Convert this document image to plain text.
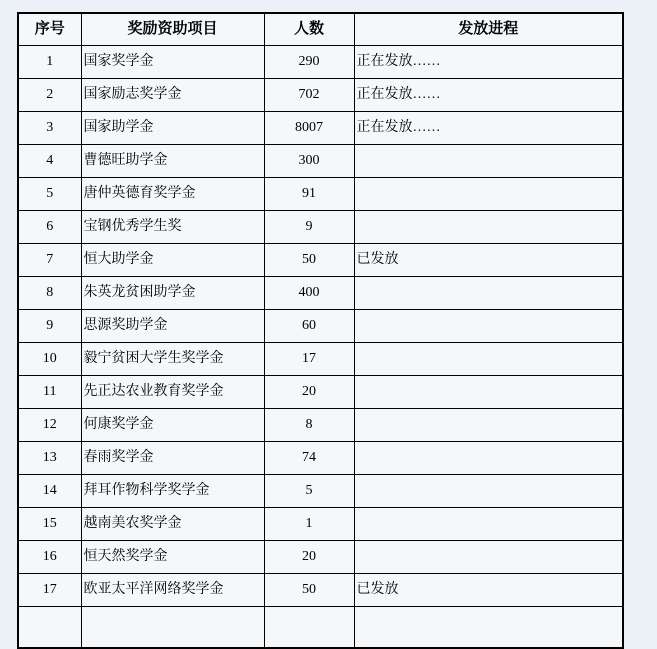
序号	奖励资助项目	人数	发放进程
1	国家奖学金	290	正在发放……
2	国家励志奖学金	702	正在发放……
3	国家助学金	8007	正在发放……
4	曹德旺助学金	300	
5	唐仲英德育奖学金	91	
6	宝钢优秀学生奖	9	
7	恒大助学金	50	已发放
8	朱英龙贫困助学金	400	
9	思源奖助学金	60	
10	毅宁贫困大学生奖学金	17	
11	先正达农业教育奖学金	20	
12	何康奖学金	8	
13	春雨奖学金	74	
14	拜耳作物科学奖学金	5	
15	越南美农奖学金	1	
16	恒天然奖学金	20	
17	欧亚太平洋网络奖学金	50	已发放
